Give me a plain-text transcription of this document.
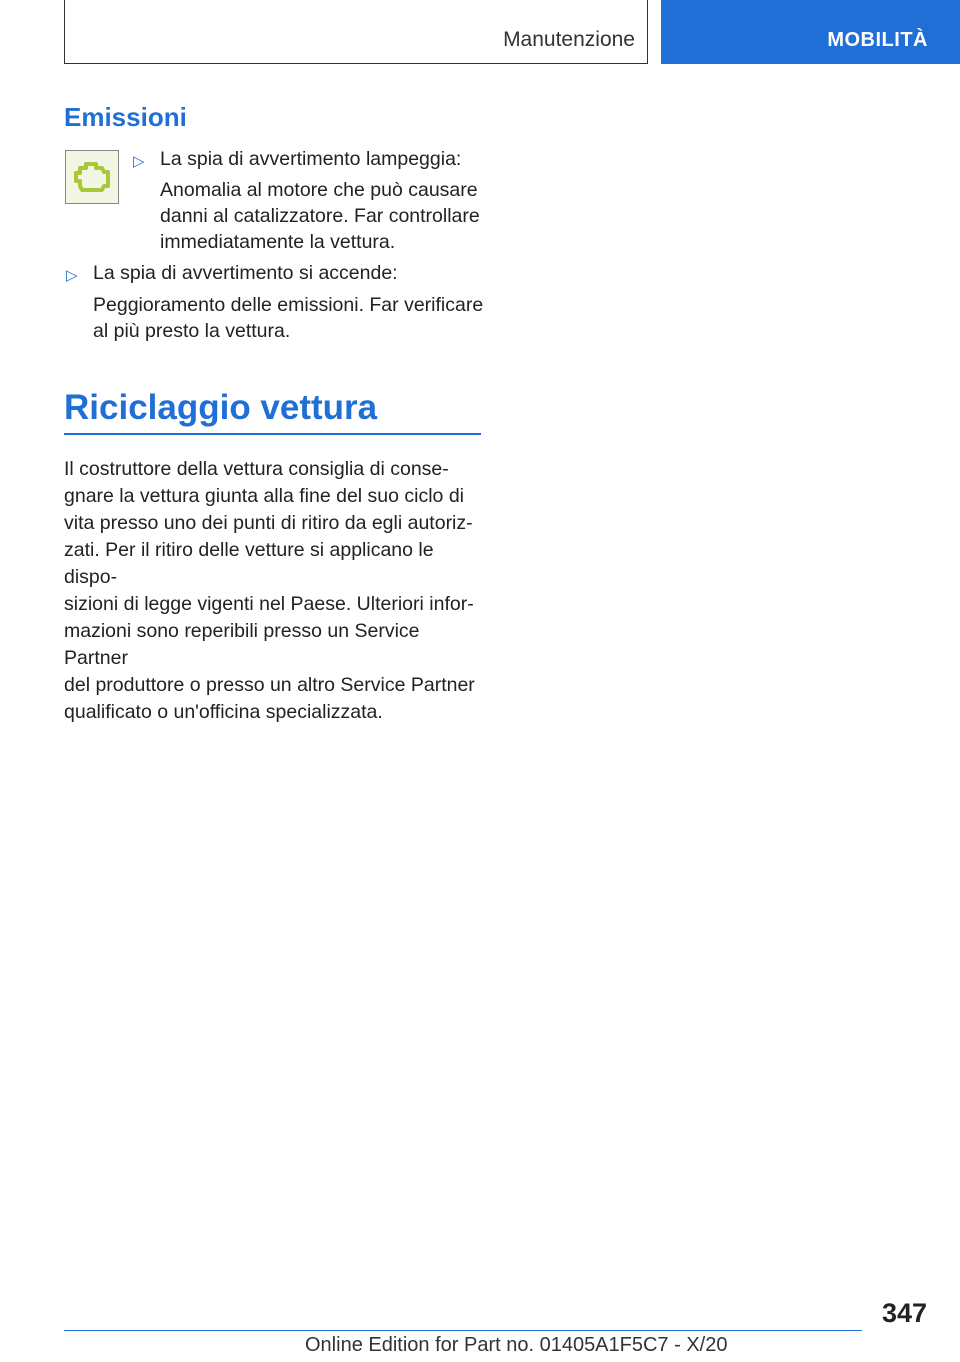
Manutenzione	MOBILITÀ
Emissioni
▷ La spia di avvertimento lampeggia:
Anomalia al motore che può causare
danni al catalizzatore. Far controllare
immediatamente la vettura.
▷ La spia di avvertimento si accende:
Peggioramento delle emissioni. Far verificare
al più presto la vettura.
Riciclaggio vettura
Il costruttore della vettura consiglia di conse-
gnare la vettura giunta alla fine del suo ciclo di
vita presso uno dei punti di ritiro da egli autoriz-
zati. Per il ritiro delle vetture si applicano le dispo-
sizioni di legge vigenti nel Paese. Ulteriori infor-
mazioni sono reperibili presso un Service Partner
del produttore o presso un altro Service Partner
qualificato o un'officina specializzata.
347
Online Edition for Part no. 01405A1F5C7 - X/20
